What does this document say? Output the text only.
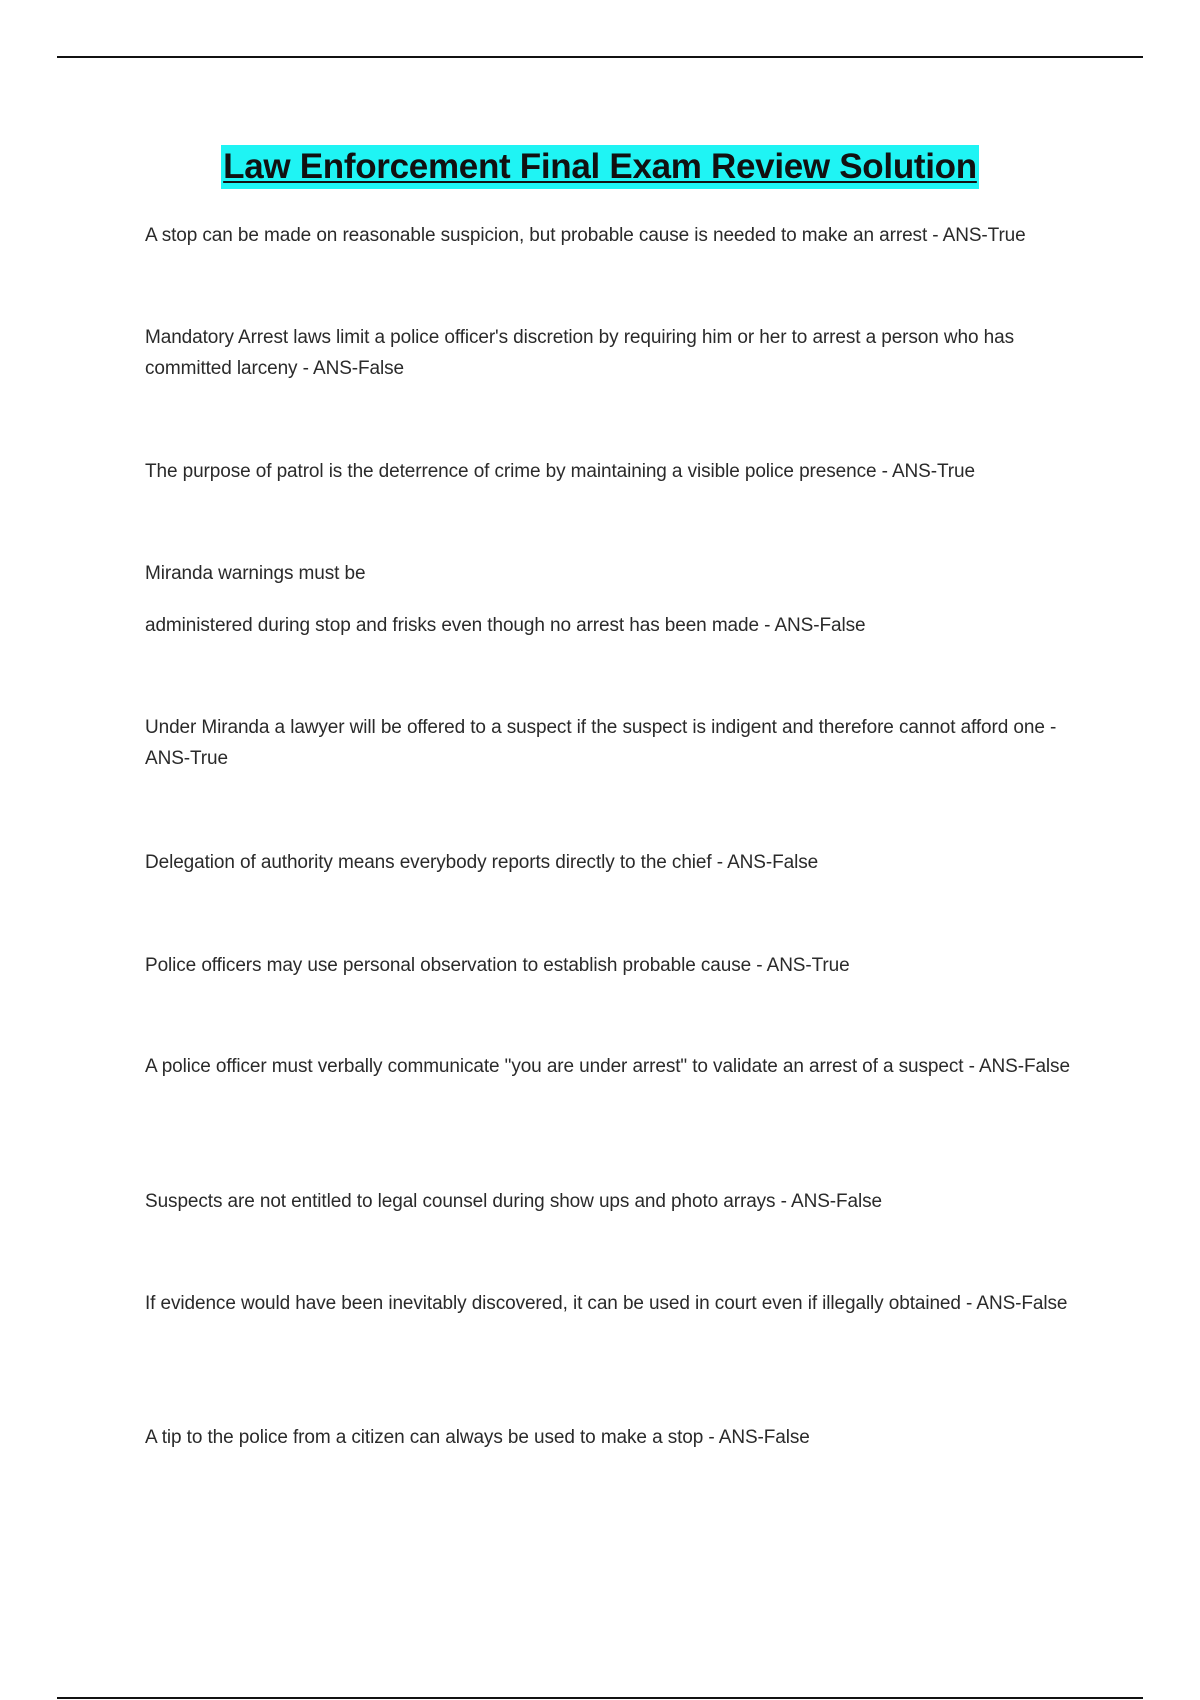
Law Enforcement Final Exam Review Solution

A stop can be made on reasonable suspicion, but probable cause is needed to make an arrest - ANS-True

Mandatory Arrest laws limit a police officer's discretion by requiring him or her to arrest a person who has committed larceny - ANS-False

The purpose of patrol is the deterrence of crime by maintaining a visible police presence - ANS-True

Miranda warnings must be

administered during stop and frisks even though no arrest has been made - ANS-False

Under Miranda a lawyer will be offered to a suspect if the suspect is indigent and therefore cannot afford one - ANS-True

Delegation of authority means everybody reports directly to the chief - ANS-False

Police officers may use personal observation to establish probable cause - ANS-True

A police officer must verbally communicate "you are under arrest" to validate an arrest of a suspect - ANS-False

Suspects are not entitled to legal counsel during show ups and photo arrays - ANS-False

If evidence would have been inevitably discovered, it can be used in court even if illegally obtained - ANS-False

A tip to the police from a citizen can always be used to make a stop - ANS-False
